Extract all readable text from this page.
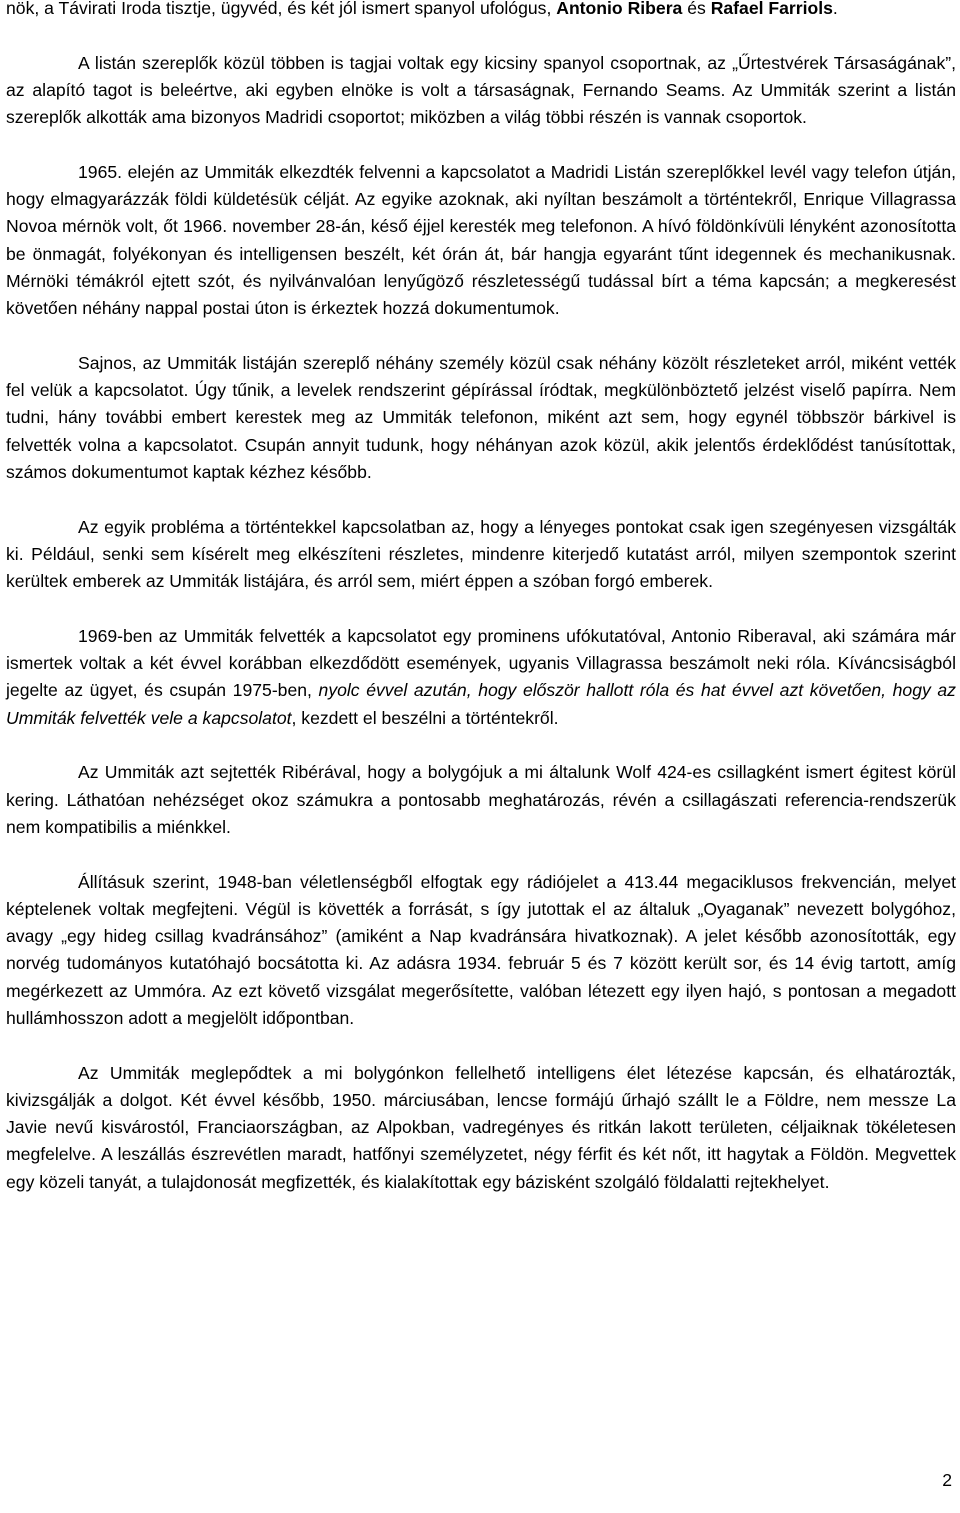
nök, a Távirati Iroda tisztje, ügyvéd, és két jól ismert spanyol ufológus, Antonio Ribera és Rafael Farriols.

A listán szereplők közül többen is tagjai voltak egy kicsiny spanyol csoportnak, az „Űrtestvérek Társaságának”, az alapító tagot is beleértve, aki egyben elnöke is volt a társaságnak, Fernando Seams. Az Ummiták szerint a listán szereplők alkották ama bizonyos Madridi csoportot; miközben a világ többi részén is vannak csoportok.

1965. elején az Ummiták elkezdték felvenni a kapcsolatot a Madridi Listán szereplőkkel levél vagy telefon útján, hogy elmagyarázzák földi küldetésük célját. Az egyike azoknak, aki nyíltan beszámolt a történtekről, Enrique Villagrassa Novoa mérnök volt, őt 1966. november 28-án, késő éjjel keresték meg telefonon. A hívó földönkívüli lényként azonosította be önmagát, folyékonyan és intelligensen beszélt, két órán át, bár hangja egyaránt tűnt idegennek és mechanikusnak. Mérnöki témákról ejtett szót, és nyilvánvalóan lenyűgöző részletességű tudással bírt a téma kapcsán; a megkeresést követően néhány nappal postai úton is érkeztek hozzá dokumentumok.

Sajnos, az Ummiták listáján szereplő néhány személy közül csak néhány közölt részleteket arról, miként vették fel velük a kapcsolatot. Úgy tűnik, a levelek rendszerint gépírással íródtak, megkülönböztető jelzést viselő papírra. Nem tudni, hány további embert kerestek meg az Ummiták telefonon, miként azt sem, hogy egynél többször bárkivel is felvették volna a kapcsolatot. Csupán annyit tudunk, hogy néhányan azok közül, akik jelentős érdeklődést tanúsítottak, számos dokumentumot kaptak kézhez később.

Az egyik probléma a történtekkel kapcsolatban az, hogy a lényeges pontokat csak igen szegényesen vizsgálták ki. Például, senki sem kísérelt meg elkészíteni részletes, mindenre kiterjedő kutatást arról, milyen szempontok szerint kerültek emberek az Ummiták listájára, és arról sem, miért éppen a szóban forgó emberek.

1969-ben az Ummiták felvették a kapcsolatot egy prominens ufókutatóval, Antonio Riberaval, aki számára már ismertek voltak a két évvel korábban elkezdődött események, ugyanis Villagrassa beszámolt neki róla. Kíváncsiságból jegelte az ügyet, és csupán 1975-ben, nyolc évvel azután, hogy először hallott róla és hat évvel azt követően, hogy az Ummiták felvették vele a kapcsolatot, kezdett el beszélni a történtekről.

Az Ummiták azt sejtették Ribérával, hogy a bolygójuk a mi általunk Wolf 424-es csillagként ismert égitest körül kering. Láthatóan nehézséget okoz számukra a pontosabb meghatározás, révén a csillagászati referencia-rendszerük nem kompatibilis a miénkkel.

Állításuk szerint, 1948-ban véletlenségből elfogtak egy rádiójelet a 413.44 megaciklusos frekvencián, melyet képtelenek voltak megfejteni. Végül is követték a forrását, s így jutottak el az általuk „Oyaganak” nevezett bolygóhoz, avagy „egy hideg csillag kvadránsához” (amiként a Nap kvadránsára hivatkoznak). A jelet később azonosították, egy norvég tudományos kutatóhajó bocsátotta ki. Az adásra 1934. február 5 és 7 között került sor, és 14 évig tartott, amíg megérkezett az Ummóra. Az ezt követő vizsgálat megerősítette, valóban létezett egy ilyen hajó, s pontosan a megadott hullámhosszon adott a megjelölt időpontban.

Az Ummiták meglepődtek a mi bolygónkon fellelhető intelligens élet létezése kapcsán, és elhatározták, kivizsgálják a dolgot. Két évvel később, 1950. márciusában, lencse formájú űrhajó szállt le a Földre, nem messze La Javie nevű kisvárostól, Franciaországban, az Alpokban, vadregényes és ritkán lakott területen, céljaiknak tökéletesen megfelelve. A leszállás észrevétlen maradt, hatfőnyi személyzetet, négy férfit és két nőt, itt hagytak a Földön. Megvettek egy közeli tanyát, a tulajdonosát megfizették, és kialakítottak egy bázisként szolgáló földalatti rejtekhelyet.

2
